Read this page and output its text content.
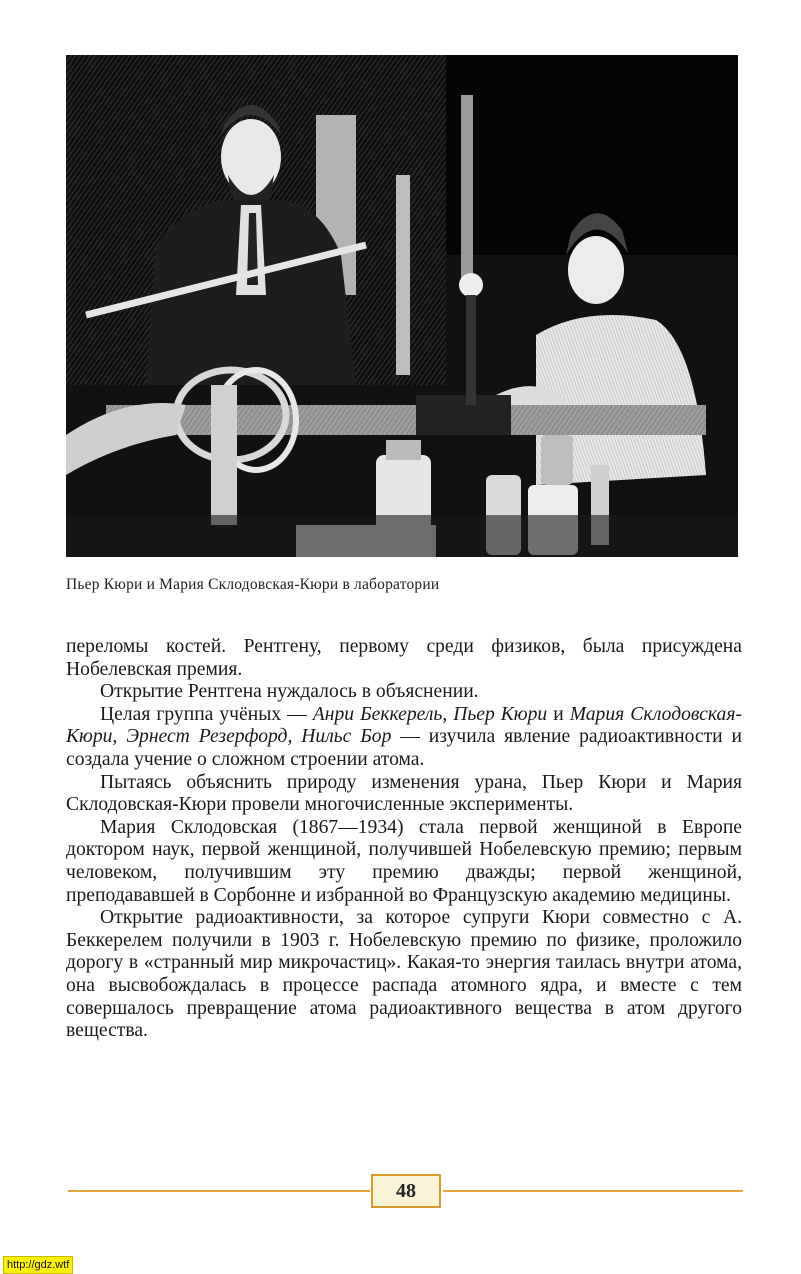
Пьер Кюри и Мария Склодовская-Кюри в лаборатории

переломы костей. Рентгену, первому среди физиков, была присуждена Нобелевская премия.

Открытие Рентгена нуждалось в объяснении.

Целая группа учёных — Анри Беккерель, Пьер Кюри и Мария Склодовская-Кюри, Эрнест Резерфорд, Нильс Бор — изучила явление радиоактивности и создала учение о сложном строении атома.

Пытаясь объяснить природу изменения урана, Пьер Кюри и Мария Склодовская-Кюри провели многочисленные эксперименты.

Мария Склодовская (1867—1934) стала первой женщиной в Европе доктором наук, первой женщиной, получившей Нобелевскую премию; первым человеком, получившим эту премию дважды; первой женщиной, преподававшей в Сорбонне и избранной во Французскую академию медицины.

Открытие радиоактивности, за которое супруги Кюри совместно с А. Беккерелем получили в 1903 г. Нобелевскую премию по физике, проложило дорогу в «странный мир микрочастиц». Какая-то энергия таилась внутри атома, она высвобождалась в процессе распада атомного ядра, и вместе с тем совершалось превращение атома радиоактивного вещества в атом другого вещества.

48
http://gdz.wtf
